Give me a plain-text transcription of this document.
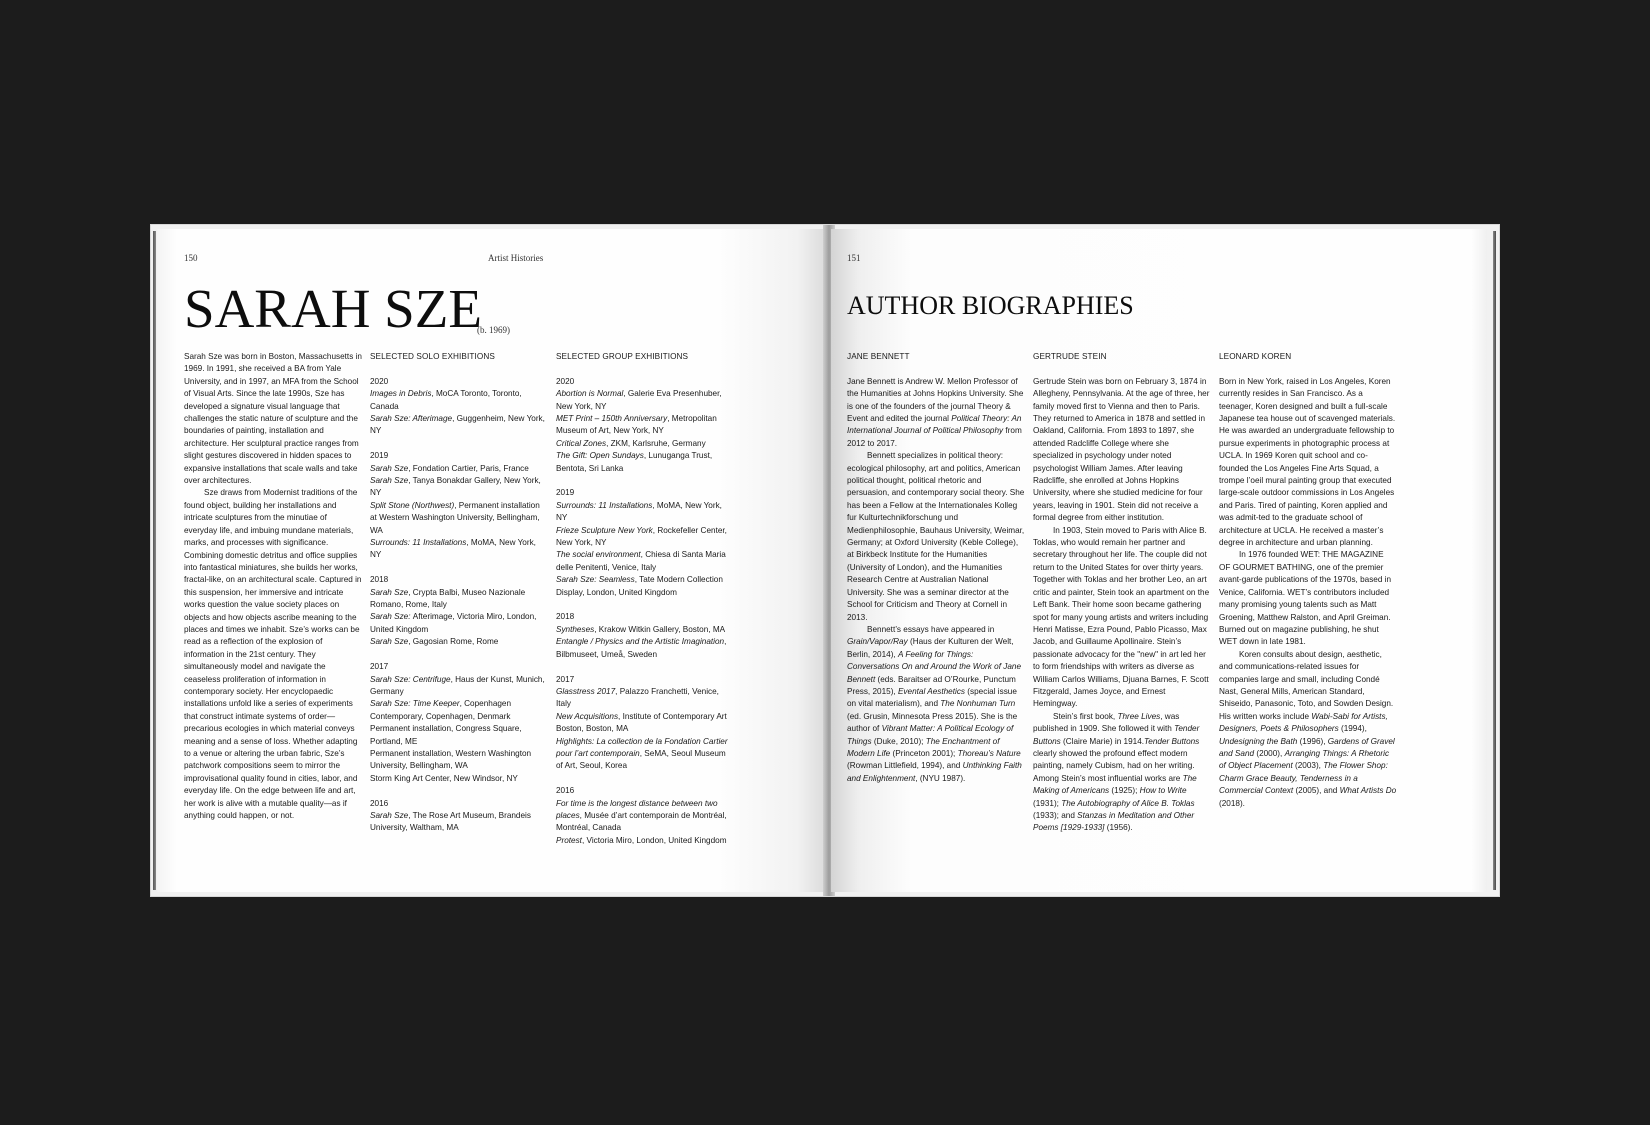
150	Artist Histories
SARAH SZE
(b. 1969)

Sarah Sze was born in Boston, Massachusetts in 1969. In 1991, she received a BA from Yale University, and in 1997, an MFA from the School of Visual Arts. Since the late 1990s, Sze has developed a signature visual language that challenges the static nature of sculpture and the boundaries of painting, installation and architecture. Her sculptural practice ranges from slight gestures discovered in hidden spaces to expansive installations that scale walls and take over architectures.

Sze draws from Modernist traditions of the found object, building her installations and intricate sculptures from the minutiae of everyday life, and imbuing mundane materials, marks, and processes with significance. Combining domestic detritus and office supplies into fantastical miniatures, she builds her works, fractal-like, on an architectural scale. Captured in this suspension, her immersive and intricate works question the value society places on objects and how objects ascribe meaning to the places and times we inhabit. Sze’s works can be read as a reflection of the explosion of information in the 21st century. They simultaneously model and navigate the ceaseless proliferation of information in contemporary society. Her encyclopaedic installations unfold like a series of experiments that construct intimate systems of order—precarious ecologies in which material conveys meaning and a sense of loss. Whether adapting to a venue or altering the urban fabric, Sze’s patchwork compositions seem to mirror the improvisational quality found in cities, labor, and everyday life. On the edge between life and art, her work is alive with a mutable quality—as if anything could happen, or not.

SELECTED SOLO EXHIBITIONS
2020
Images in Debris, MoCA Toronto, Toronto, Canada
Sarah Sze: Afterimage, Guggenheim, New York, NY
2019
Sarah Sze, Fondation Cartier, Paris, France
Sarah Sze, Tanya Bonakdar Gallery, New York, NY
Split Stone (Northwest), Permanent installation at Western Washington University, Bellingham, WA
Surrounds: 11 Installations, MoMA, New York, NY
2018
Sarah Sze, Crypta Balbi, Museo Nazionale Romano, Rome, Italy
Sarah Sze: Afterimage, Victoria Miro, London, United Kingdom
Sarah Sze, Gagosian Rome, Rome
2017
Sarah Sze: Centrifuge, Haus der Kunst, Munich, Germany
Sarah Sze: Time Keeper, Copenhagen Contemporary, Copenhagen, Denmark
Permanent installation, Congress Square, Portland, ME
Permanent installation, Western Washington University, Bellingham, WA
Storm King Art Center, New Windsor, NY
2016
Sarah Sze, The Rose Art Museum, Brandeis University, Waltham, MA
SELECTED GROUP EXHIBITIONS
2020
Abortion is Normal, Galerie Eva Presenhuber, New York, NY
MET Print – 150th Anniversary, Metropolitan Museum of Art, New York, NY
Critical Zones, ZKM, Karlsruhe, Germany
The Gift: Open Sundays, Lunuganga Trust, Bentota, Sri Lanka
2019
Surrounds: 11 Installations, MoMA, New York, NY
Frieze Sculpture New York, Rockefeller Center, New York, NY
The social environment, Chiesa di Santa Maria delle Penitenti, Venice, Italy
Sarah Sze: Seamless, Tate Modern Collection Display, London, United Kingdom
2018
Syntheses, Krakow Witkin Gallery, Boston, MA
Entangle / Physics and the Artistic Imagination, Bilbmuseet, Umeå, Sweden
2017
Glasstress 2017, Palazzo Franchetti, Venice, Italy
New Acquisitions, Institute of Contemporary Art Boston, Boston, MA
Highlights: La collection de la Fondation Cartier pour l’art contemporain, SeMA, Seoul Museum of Art, Seoul, Korea
2016
For time is the longest distance between two places, Musée d’art contemporain de Montréal, Montréal, Canada
Protest, Victoria Miro, London, United Kingdom
151
AUTHOR BIOGRAPHIES
JANE BENNETT

Jane Bennett is Andrew W. Mellon Professor of the Humanities at Johns Hopkins University. She is one of the founders of the journal Theory & Event and edited the journal Political Theory: An International Journal of Political Philosophy from 2012 to 2017.

Bennett specializes in political theory: ecological philosophy, art and politics, American political thought, political rhetoric and persuasion, and contemporary social theory. She has been a Fellow at the Internationales Kolleg fur Kulturtechnikforschung und Medienphilosophie, Bauhaus University, Weimar, Germany; at Oxford University (Keble College), at Birkbeck Institute for the Humanities (University of London), and the Humanities Research Centre at Australian National University. She was a seminar director at the School for Criticism and Theory at Cornell in 2013.

Bennett’s essays have appeared in Grain/Vapor/Ray (Haus der Kulturen der Welt, Berlin, 2014), A Feeling for Things: Conversations On and Around the Work of Jane Bennett (eds. Baraitser ad O’Rourke, Punctum Press, 2015), Evental Aesthetics (special issue on vital materialism), and The Nonhuman Turn (ed. Grusin, Minnesota Press 2015). She is the author of Vibrant Matter: A Political Ecology of Things (Duke, 2010); The Enchantment of Modern Life (Princeton 2001); Thoreau’s Nature (Rowman Littlefield, 1994), and Unthinking Faith and Enlightenment, (NYU 1987).

GERTRUDE STEIN

Gertrude Stein was born on February 3, 1874 in Allegheny, Pennsylvania. At the age of three, her family moved first to Vienna and then to Paris. They returned to America in 1878 and settled in Oakland, California. From 1893 to 1897, she attended Radcliffe College where she specialized in psychology under noted psychologist William James. After leaving Radcliffe, she enrolled at Johns Hopkins University, where she studied medicine for four years, leaving in 1901. Stein did not receive a formal degree from either institution.

In 1903, Stein moved to Paris with Alice B. Toklas, who would remain her partner and secretary throughout her life. The couple did not return to the United States for over thirty years. Together with Toklas and her brother Leo, an art critic and painter, Stein took an apartment on the Left Bank. Their home soon became gathering spot for many young artists and writers including Henri Matisse, Ezra Pound, Pablo Picasso, Max Jacob, and Guillaume Apollinaire. Stein’s passionate advocacy for the "new" in art led her to form friendships with writers as diverse as William Carlos Williams, Djuana Barnes, F. Scott Fitzgerald, James Joyce, and Ernest Hemingway.

Stein’s first book, Three Lives, was published in 1909. She followed it with Tender Buttons (Claire Marie) in 1914.Tender Buttons clearly showed the profound effect modern painting, namely Cubism, had on her writing. Among Stein’s most influential works are The Making of Americans (1925); How to Write (1931); The Autobiography of Alice B. Toklas (1933); and Stanzas in Meditation and Other Poems [1929-1933] (1956).

LEONARD KOREN

Born in New York, raised in Los Angeles, Koren currently resides in San Francisco. As a teenager, Koren designed and built a full-scale Japanese tea house out of scavenged materials. He was awarded an undergraduate fellowship to pursue experiments in photographic process at UCLA. In 1969 Koren quit school and co-founded the Los Angeles Fine Arts Squad, a trompe l’oeil mural painting group that executed large-scale outdoor commissions in Los Angeles and Paris. Tired of painting, Koren applied and was admit-ted to the graduate school of architecture at UCLA. He received a master’s degree in architecture and urban planning.

In 1976 founded WET: THE MAGAZINE OF GOURMET BATHING, one of the premier avant-garde publications of the 1970s, based in Venice, California. WET’s contributors included many promising young talents such as Matt Groening, Matthew Ralston, and April Greiman. Burned out on magazine publishing, he shut WET down in late 1981.

Koren consults about design, aesthetic, and communications-related issues for companies large and small, including Condé Nast, General Mills, American Standard, Shiseido, Panasonic, Toto, and Sowden Design. His written works include Wabi-Sabi for Artists, Designers, Poets & Philosophers (1994), Undesigning the Bath (1996), Gardens of Gravel and Sand (2000), Arranging Things: A Rhetoric of Object Placement (2003), The Flower Shop: Charm Grace Beauty, Tenderness in a Commercial Context (2005), and What Artists Do (2018).
